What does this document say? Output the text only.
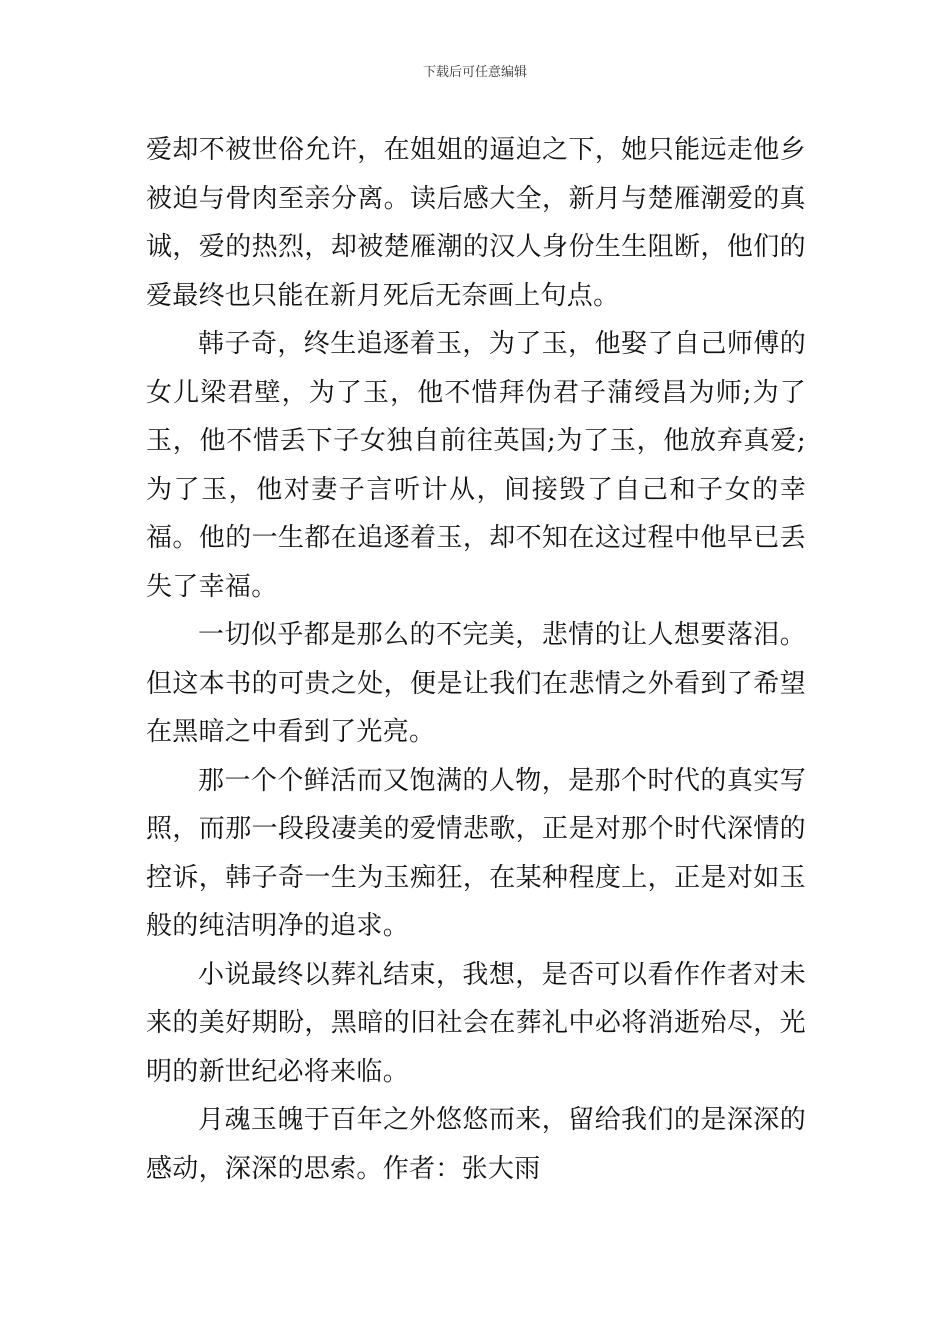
下载后可任意编辑

爱却不被世俗允许，在姐姐的逼迫之下，她只能远走他乡被迫与骨肉至亲分离。读后感大全，新月与楚雁潮爱的真诚，爱的热烈，却被楚雁潮的汉人身份生生阻断，他们的爱最终也只能在新月死后无奈画上句点。

韩子奇，终生追逐着玉，为了玉，他娶了自己师傅的女儿梁君壁，为了玉，他不惜拜伪君子蒲绶昌为师;为了玉，他不惜丢下子女独自前往英国;为了玉，他放弃真爱;为了玉，他对妻子言听计从，间接毁了自己和子女的幸福。他的一生都在追逐着玉，却不知在这过程中他早已丢失了幸福。

一切似乎都是那么的不完美，悲情的让人想要落泪。但这本书的可贵之处，便是让我们在悲情之外看到了希望在黑暗之中看到了光亮。

那一个个鲜活而又饱满的人物，是那个时代的真实写照，而那一段段凄美的爱情悲歌，正是对那个时代深情的控诉，韩子奇一生为玉痴狂，在某种程度上，正是对如玉般的纯洁明净的追求。

小说最终以葬礼结束，我想，是否可以看作作者对未来的美好期盼，黑暗的旧社会在葬礼中必将消逝殆尽，光明的新世纪必将来临。

月魂玉魄于百年之外悠悠而来，留给我们的是深深的感动，深深的思索。作者：张大雨
